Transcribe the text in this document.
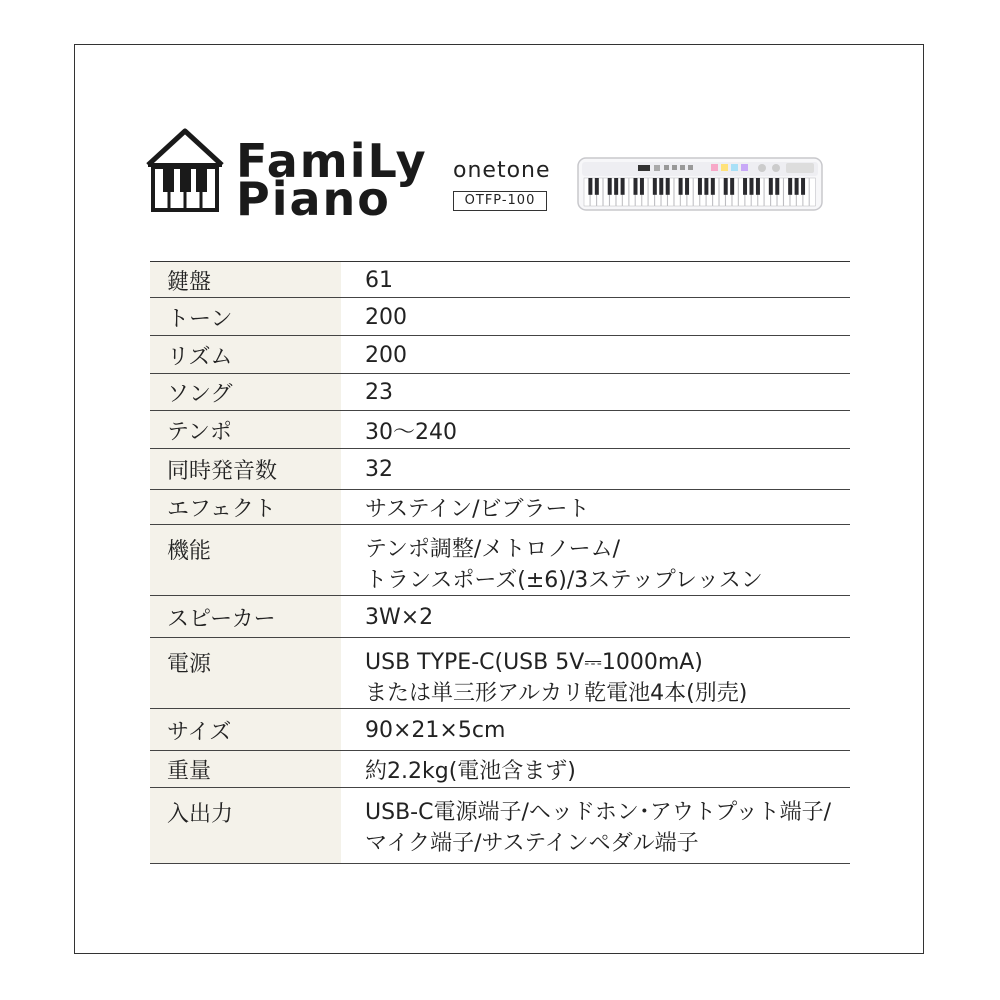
FamiLy
Piano
onetone
OTFP-100
鍵盤	61
トーン	200
リズム	200
ソング	23
テンポ	30〜240
同時発音数	32
エフェクト	サステイン/ビブラート
機能	テンポ調整/メトロノーム/
トランスポーズ(±6)/3ステップレッスン
スピーカー	3W×2
電源	USB TYPE-C(USB 5V⎓1000mA)
または単三形アルカリ乾電池4本(別売)
サイズ	90×21×5cm
重量	約2.2kg(電池含まず)
入出力	USB-C電源端子/ヘッドホン･アウトプット端子/
マイク端子/サステインペダル端子
